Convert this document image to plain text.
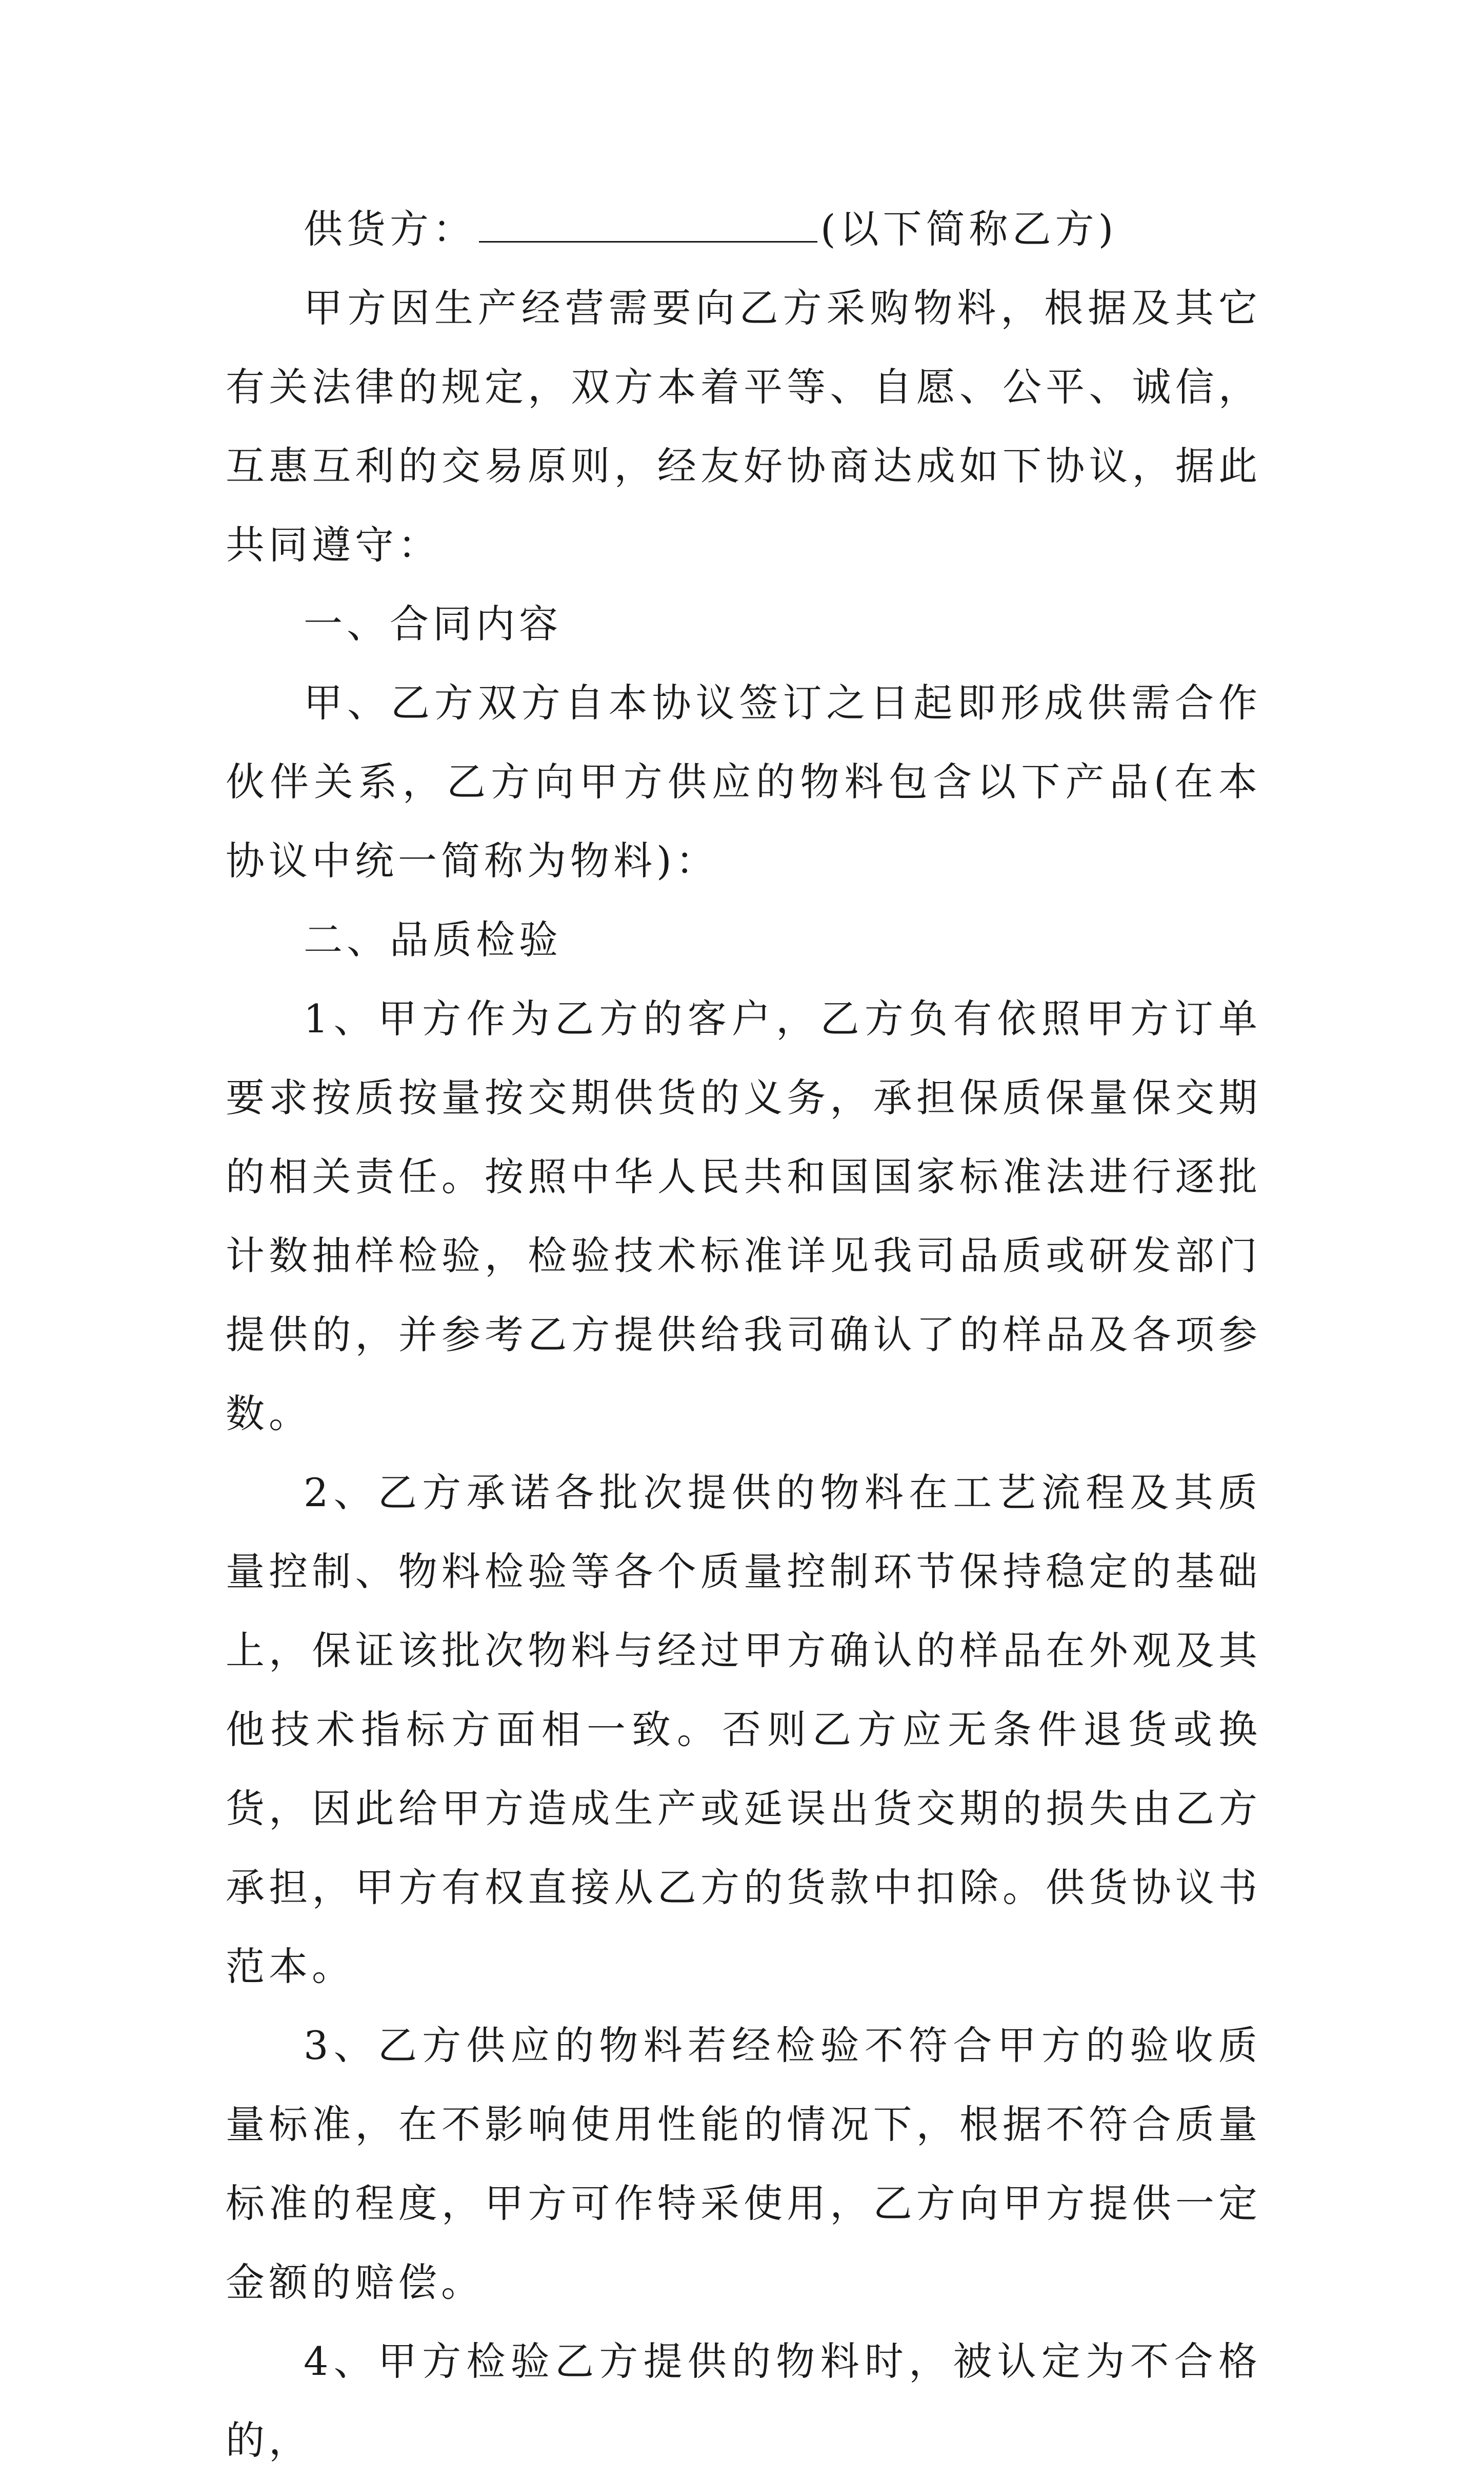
供货方：	(以下简称乙方)

甲方因生产经营需要向乙方采购物料，根据及其它有关法律的规定，双方本着平等、自愿、公平、诚信，互惠互利的交易原则，经友好协商达成如下协议，据此共同遵守：

一、合同内容

甲、乙方双方自本协议签订之日起即形成供需合作伙伴关系，乙方向甲方供应的物料包含以下产品(在本协议中统一简称为物料)：

二、品质检验

1、甲方作为乙方的客户，乙方负有依照甲方订单要求按质按量按交期供货的义务，承担保质保量保交期的相关责任。按照中华人民共和国国家标准法进行逐批计数抽样检验，检验技术标准详见我司品质或研发部门提供的，并参考乙方提供给我司确认了的样品及各项参数。

2、乙方承诺各批次提供的物料在工艺流程及其质量控制、物料检验等各个质量控制环节保持稳定的基础上，保证该批次物料与经过甲方确认的样品在外观及其他技术指标方面相一致。否则乙方应无条件退货或换货，因此给甲方造成生产或延误出货交期的损失由乙方承担，甲方有权直接从乙方的货款中扣除。供货协议书范本。

3、乙方供应的物料若经检验不符合甲方的验收质量标准，在不影响使用性能的情况下，根据不符合质量标准的程度，甲方可作特采使用，乙方向甲方提供一定金额的赔偿。

4、甲方检验乙方提供的物料时，被认定为不合格的，
